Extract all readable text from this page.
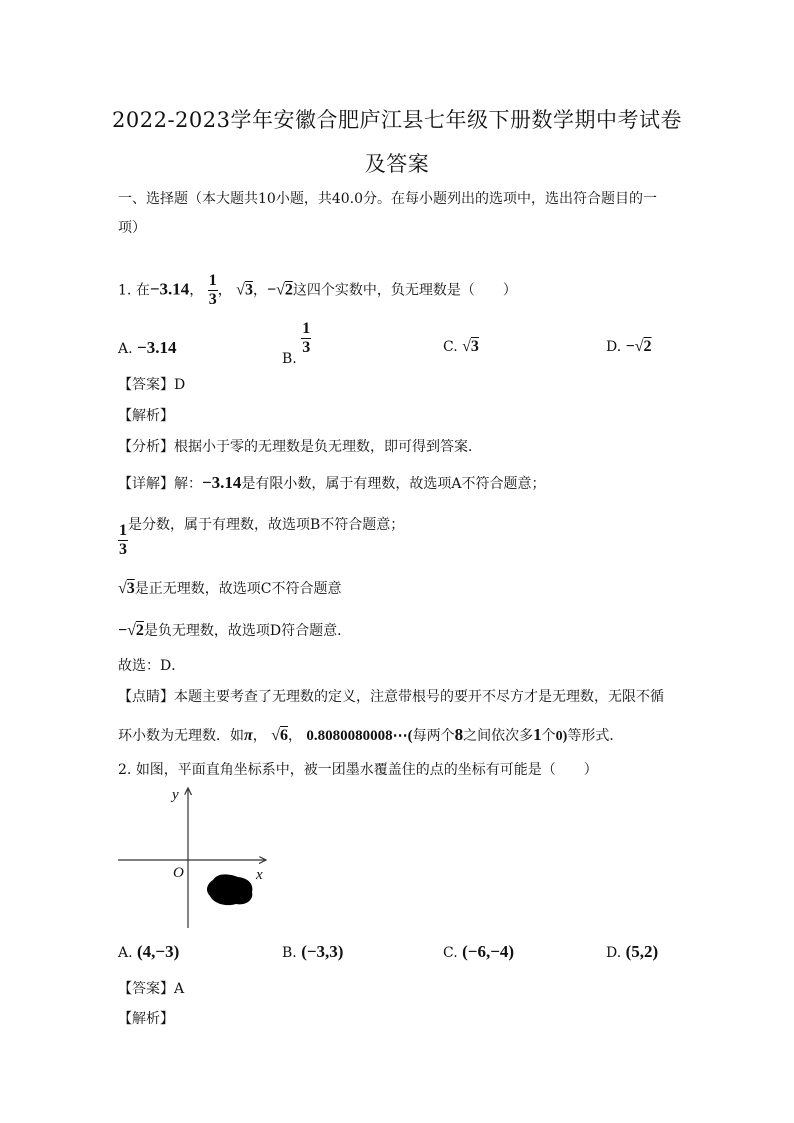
2022-2023学年安徽合肥庐江县七年级下册数学期中考试卷
及答案
一、选择题（本大题共10小题，共40.0分。在每小题列出的选项中，选出符合题目的一
项）
1. 在−3.14， $\frac{1}{3}$ ， √3，−√2这四个实数中，负无理数是（　　）
A. −3.14
B.
$\frac{1}{3}$	C. √3	D. −√2
【答案】D
【解析】
【分析】根据小于零的无理数是负无理数，即可得到答案．
【详解】解：−3.14是有限小数，属于有理数，故选项A不符合题意；
$\frac{1}{3}$ 是分数，属于有理数，故选项B不符合题意；
√3是正无理数，故选项C不符合题意
−√2是负无理数，故选项D符合题意．
故选：D．
【点睛】本题主要考查了无理数的定义，注意带根号的要开不尽方才是无理数，无限不循
环小数为无理数．如π， √6， 0.8080080008⋯(每两个8之间依次多1个0)等形式．
2. 如图，平面直角坐标系中，被一团墨水覆盖住的点的坐标有可能是（　　）
y
x
O
A. (4,−3)	B. (−3,3)	C. (−6,−4)	D. (5,2)
【答案】A
【解析】
